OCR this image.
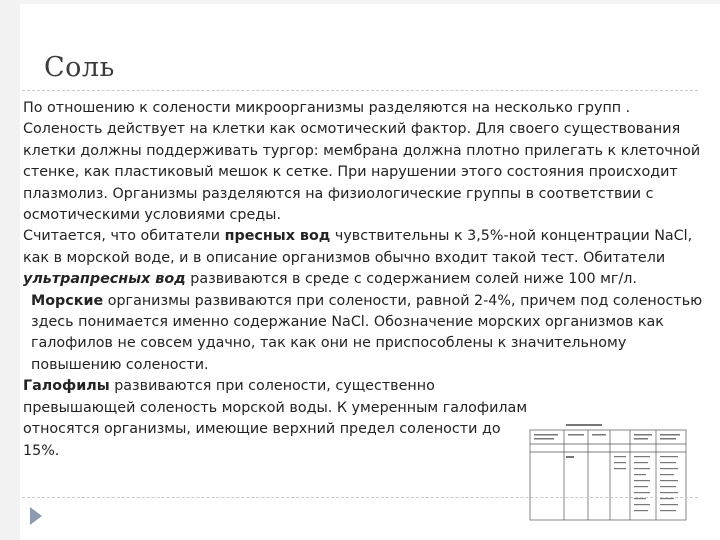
Соль

По отношению к солености микроорганизмы разделяются на несколько групп . Соленость действует на клетки как осмотический фактор. Для своего существования клетки должны поддерживать тургор: мембрана должна плотно прилегать к клеточной стенке, как пластиковый мешок к сетке. При нарушении этого состояния происходит плазмолиз. Организмы разделяются на физиологические группы в соответствии с осмотическими условиями среды.

Считается, что обитатели пресных вод чувствительны к 3,5%-ной концентрации NaCl, как в морской воде, и в описание организмов обычно входит такой тест. Обитатели ультрапресных вод развиваются в среде с содержанием солей ниже 100 мг/л.

Морские организмы развиваются при солености, равной 2-4%, причем под соленостью здесь понимается именно содержание NaCl. Обозначение морских организмов как галофилов не совсем удачно, так как они не приспособлены к значительному повышению солености.

Галофилы развиваются при солености, существенно превышающей соленость морской воды. К умеренным галофилам относятся организмы, имеющие верхний предел солености до 15%.
